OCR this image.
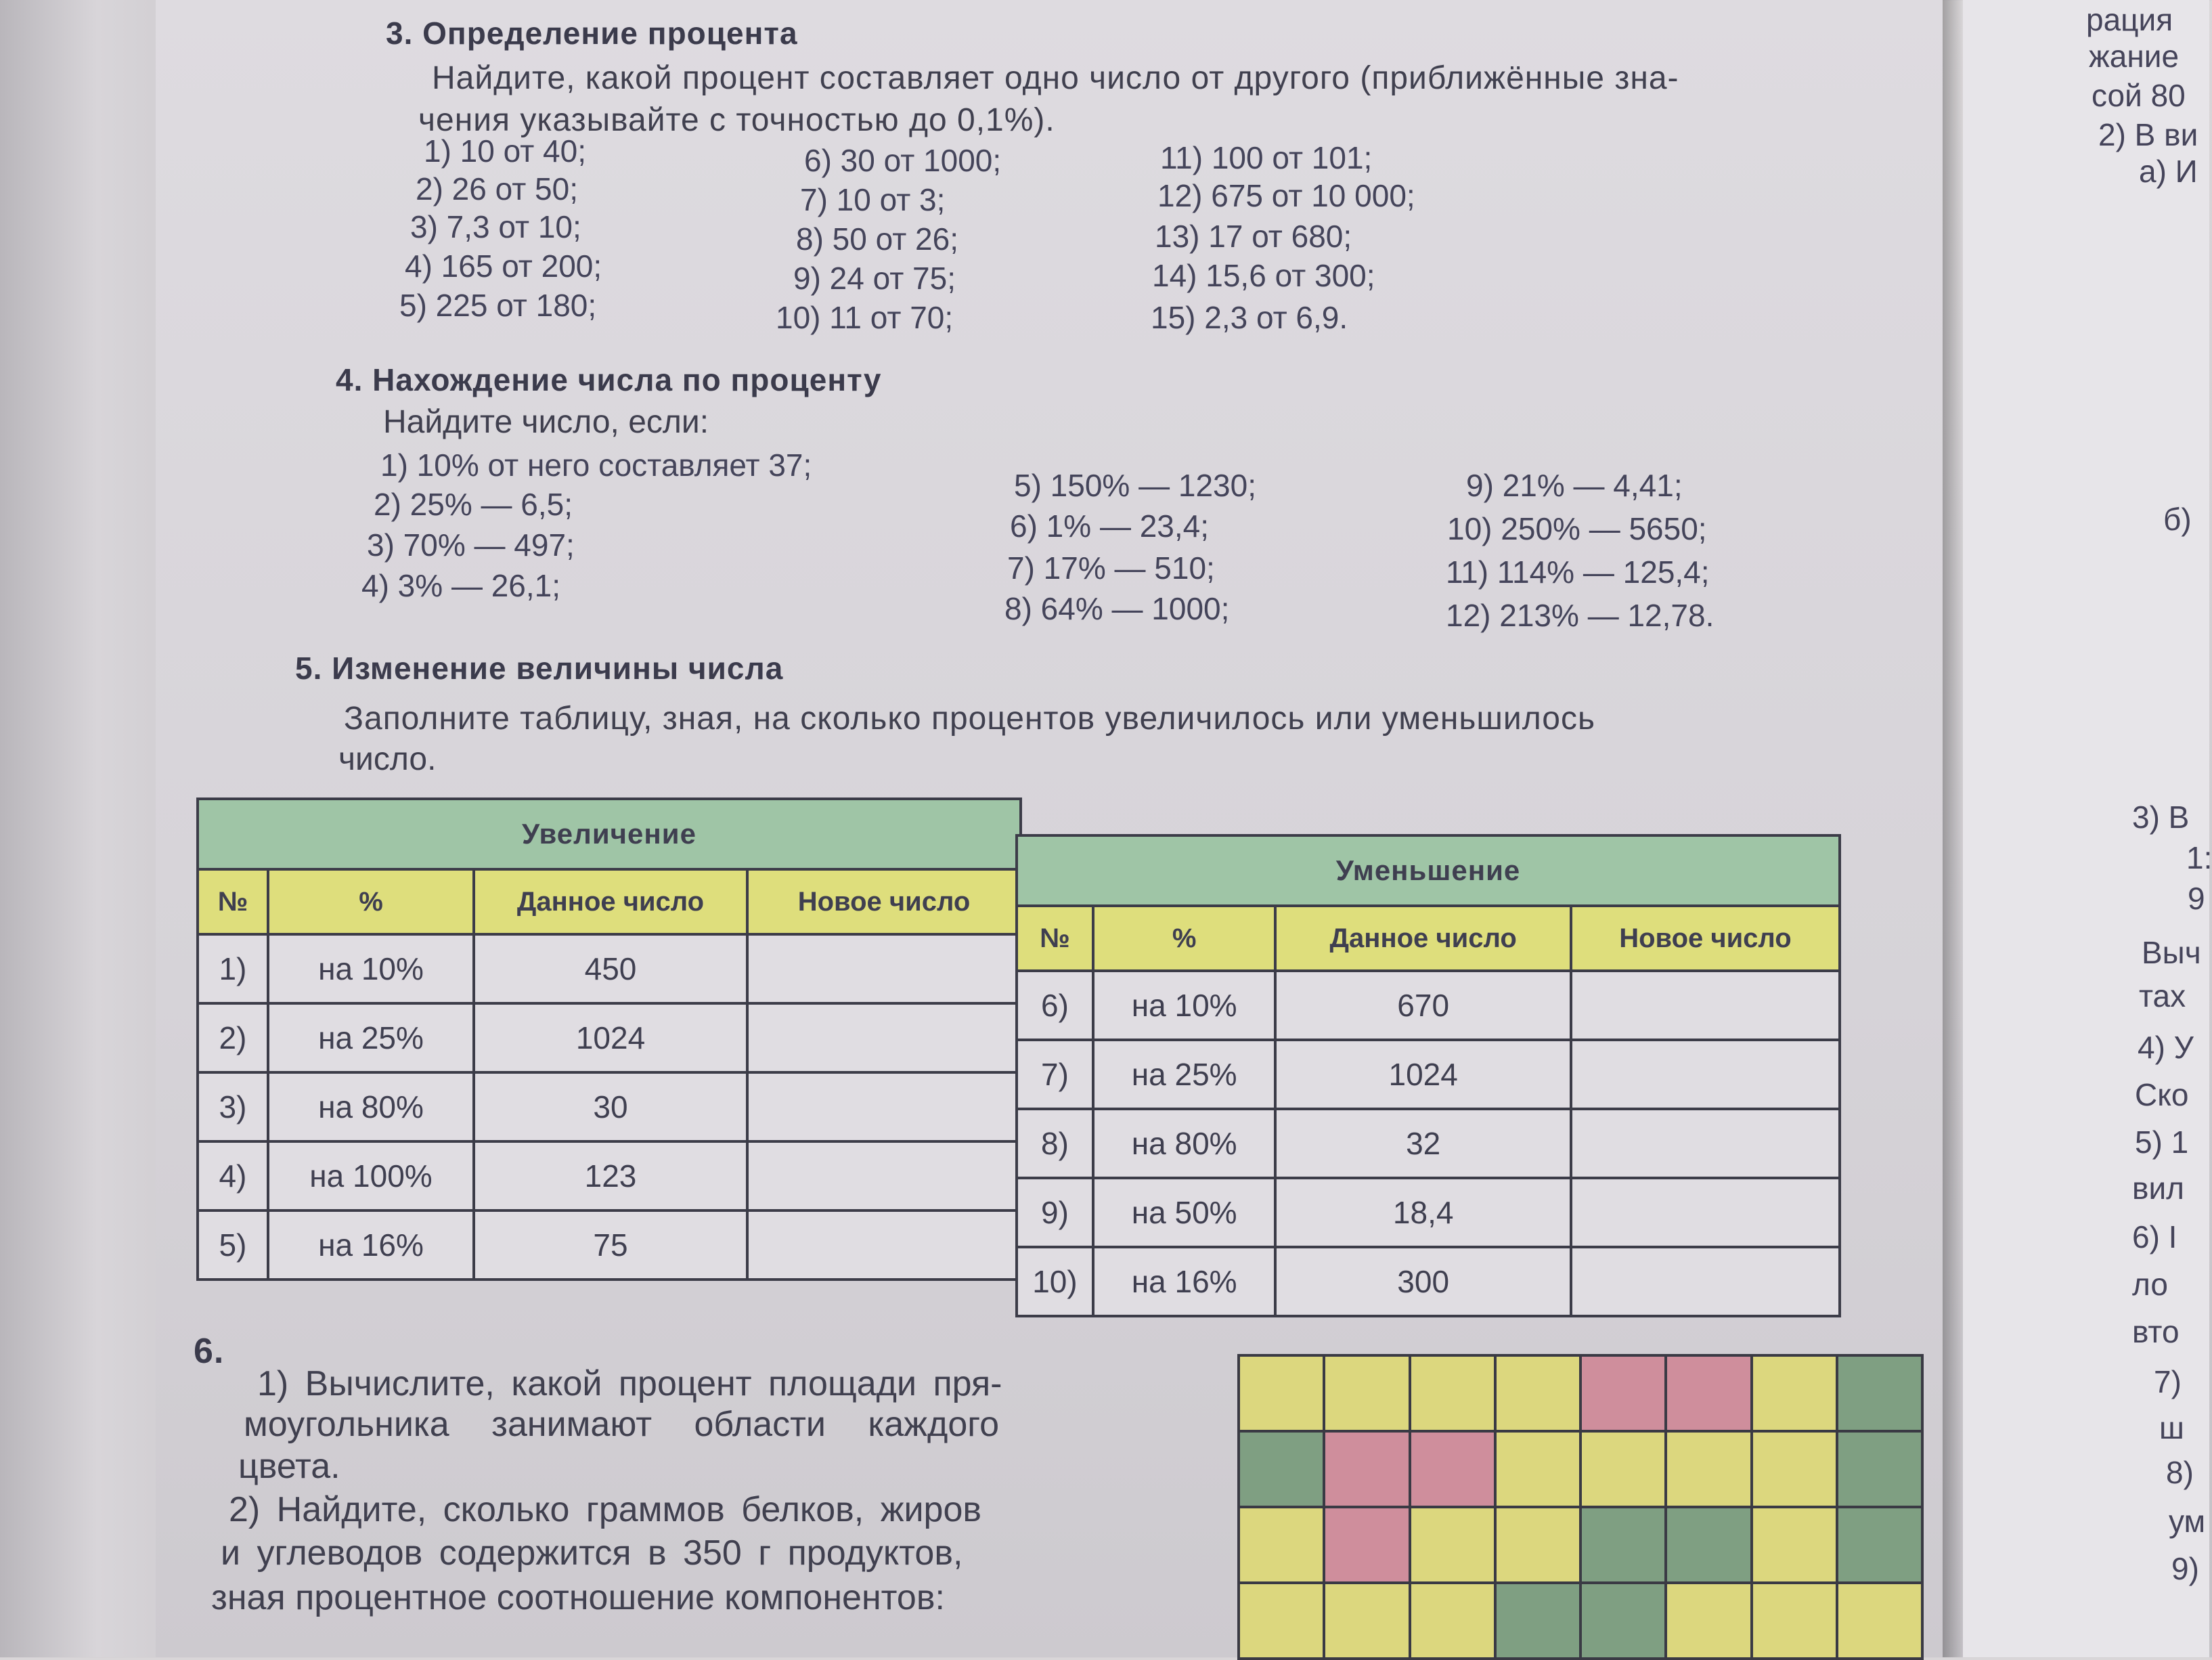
3. Определение процента
Найдите, какой процент составляет одно число от другого (приближённые зна-
чения указывайте с точностью до 0,1%).
1) 10 от 40;
2) 26 от 50;
3) 7,3 от 10;
4) 165 от 200;
5) 225 от 180;
6) 30 от 1000;
7) 10 от 3;
8) 50 от 26;
9) 24 от 75;
10) 11 от 70;
11) 100 от 101;
12) 675 от 10 000;
13) 17 от 680;
14) 15,6 от 300;
15) 2,3 от 6,9.
4. Нахождение числа по проценту
Найдите число, если:
1) 10% от него составляет 37;
2) 25% — 6,5;
3) 70% — 497;
4) 3% — 26,1;
5) 150% — 1230;
6) 1% — 23,4;
7) 17% — 510;
8) 64% — 1000;
9) 21% — 4,41;
10) 250% — 5650;
11) 114% — 125,4;
12) 213% — 12,78.
5. Изменение величины числа
Заполните таблицу, зная, на сколько процентов увеличилось или уменьшилось
число.
Увеличение			
№	%	Данное число	Новое число
1)	на 10%	450	
2)	на 25%	1024	
3)	на 80%	30	
4)	на 100%	123	
5)	на 16%	75	
Уменьшение			
№	%	Данное число	Новое число
6)	на 10%	670	
7)	на 25%	1024	
8)	на 80%	32	
9)	на 50%	18,4	
10)	на 16%	300	
6.
1) Вычислите, какой процент площади пря-
моугольника занимают области каждого
цвета.
2) Найдите, сколько граммов белков, жиров
и углеводов содержится в 350 г продуктов,
зная процентное соотношение компонентов:
рация
жание
сой 80
2) В ви
а) И
б)
3) В
1:
9
Выч
тах
4) У
Ско
5) 1
вил
6) I
ло
вто
7)
ш
8)
ум
9)
